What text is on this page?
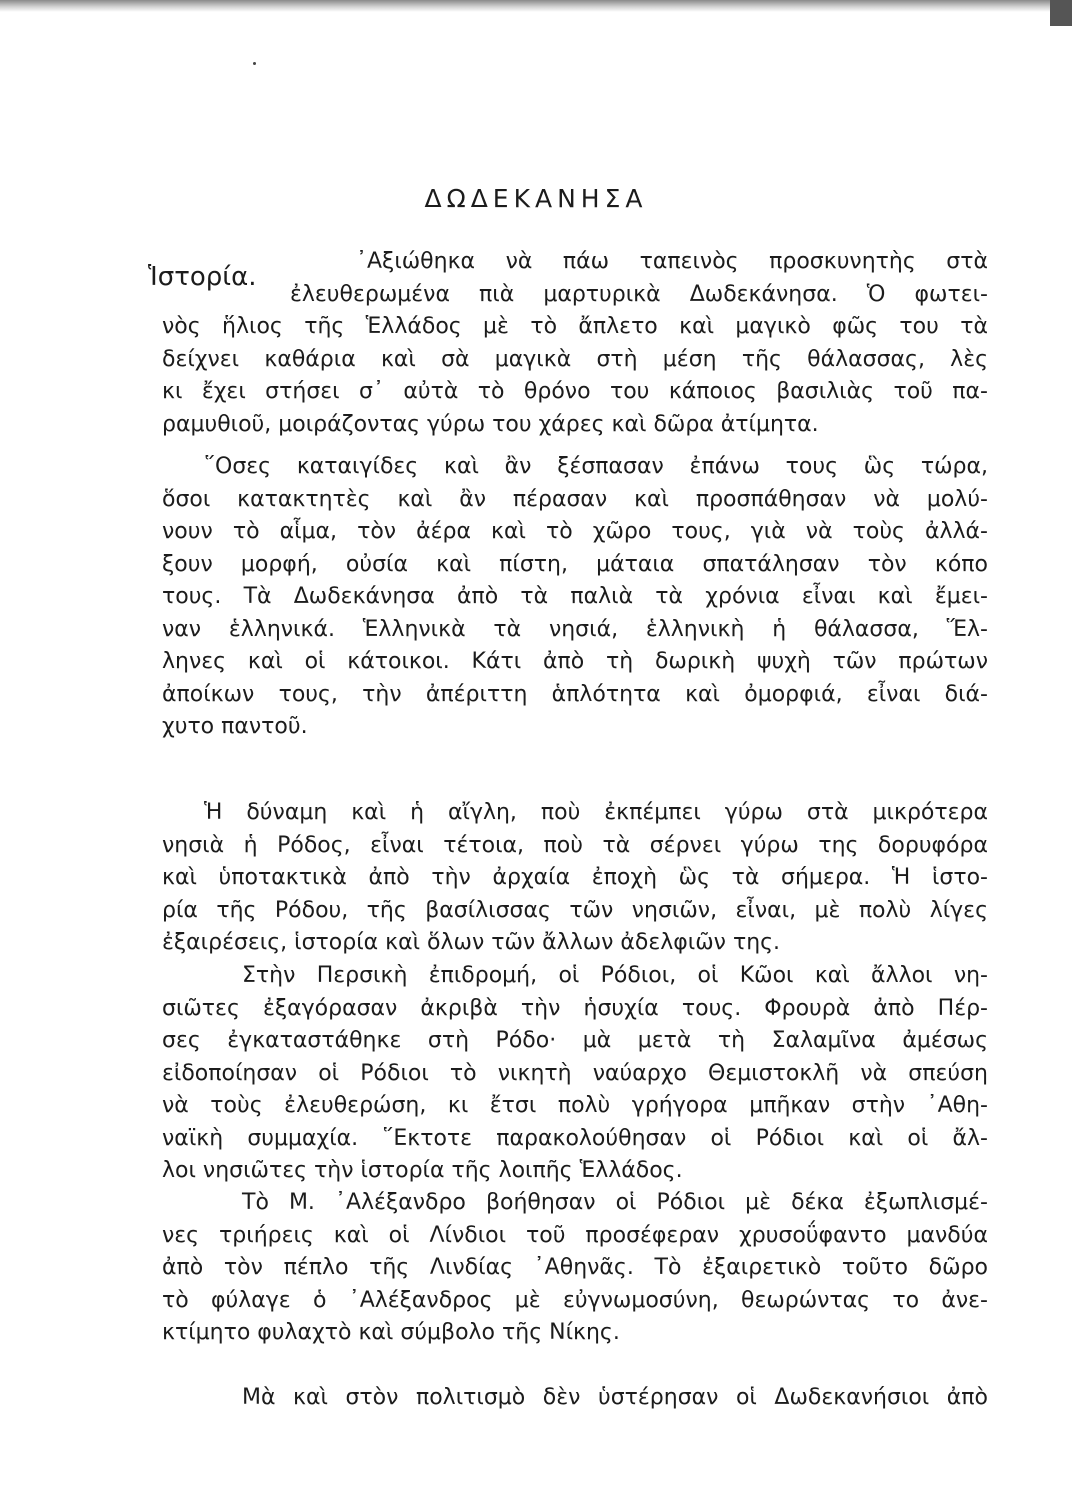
ΔΩΔΕΚΑΝΗΣΑ
Ἱστορία.
᾿Αξιώθηκα νὰ πάω ταπεινὸς προσκυνητὴς στὰ
ἐλευθερωμένα πιὰ μαρτυρικὰ Δωδεκάνησα. Ὁ φωτει-
νὸς ἥλιος τῆς Ἑλλάδος μὲ τὸ ἄπλετο καὶ μαγικὸ φῶς του τὰ
δείχνει καθάρια καὶ σὰ μαγικὰ στὴ μέση τῆς θάλασσας, λὲς
κι ἔχει στήσει σ᾿ αὐτὰ τὸ θρόνο του κάποιος βασιλιὰς τοῦ πα-
ραμυθιοῦ, μοιράζοντας γύρω του χάρες καὶ δῶρα ἀτίμητα.
῞Οσες καταιγίδες καὶ ἂν ξέσπασαν ἐπάνω τους ὣς τώρα,
ὅσοι κατακτητὲς καὶ ἂν πέρασαν καὶ προσπάθησαν νὰ μολύ-
νουν τὸ αἷμα, τὸν ἀέρα καὶ τὸ χῶρο τους, γιὰ νὰ τοὺς ἀλλά-
ξουν μορφή, οὐσία καὶ πίστη, μάταια σπατάλησαν τὸν κόπο
τους. Τὰ Δωδεκάνησα ἀπὸ τὰ παλιὰ τὰ χρόνια εἶναι καὶ ἔμει-
ναν ἑλληνικά. Ἑλληνικὰ τὰ νησιά, ἑλληνικὴ ἡ θάλασσα, Ἕλ-
ληνες καὶ οἱ κάτοικοι. Κάτι ἀπὸ τὴ δωρικὴ ψυχὴ τῶν πρώτων
ἀποίκων τους, τὴν ἀπέριττη ἁπλότητα καὶ ὀμορφιά, εἶναι διά-
χυτο παντοῦ.
Ἡ δύναμη καὶ ἡ αἴγλη, ποὺ ἐκπέμπει γύρω στὰ μικρότερα
νησιὰ ἡ Ρόδος, εἶναι τέτοια, ποὺ τὰ σέρνει γύρω της δορυφόρα
καὶ ὑποτακτικὰ ἀπὸ τὴν ἀρχαία ἐποχὴ ὣς τὰ σήμερα. Ἡ ἱστο-
ρία τῆς Ρόδου, τῆς βασίλισσας τῶν νησιῶν, εἶναι, μὲ πολὺ λίγες
ἐξαιρέσεις, ἱστορία καὶ ὅλων τῶν ἄλλων ἀδελφιῶν της.
Στὴν Περσικὴ ἐπιδρομή, οἱ Ρόδιοι, οἱ Κῶοι καὶ ἄλλοι νη-
σιῶτες ἐξαγόρασαν ἀκριβὰ τὴν ἡσυχία τους. Φρουρὰ ἀπὸ Πέρ-
σες ἐγκαταστάθηκε στὴ Ρόδο· μὰ μετὰ τὴ Σαλαμῖνα ἀμέσως
εἰδοποίησαν οἱ Ρόδιοι τὸ νικητὴ ναύαρχο Θεμιστοκλῆ νὰ σπεύση
νὰ τοὺς ἐλευθερώση, κι ἔτσι πολὺ γρήγορα μπῆκαν στὴν ᾿Αθη-
ναϊκὴ συμμαχία. ῞Εκτοτε παρακολούθησαν οἱ Ρόδιοι καὶ οἱ ἄλ-
λοι νησιῶτες τὴν ἱστορία τῆς λοιπῆς Ἑλλάδος.
Τὸ Μ. ᾿Αλέξανδρο βοήθησαν οἱ Ρόδιοι μὲ δέκα ἐξωπλισμέ-
νες τριήρεις καὶ οἱ Λίνδιοι τοῦ προσέφεραν χρυσοΰφαντο μανδύα
ἀπὸ τὸν πέπλο τῆς Λινδίας ᾿Αθηνᾶς. Τὸ ἐξαιρετικὸ τοῦτο δῶρο
τὸ φύλαγε ὁ ᾿Αλέξανδρος μὲ εὐγνωμοσύνη, θεωρώντας το ἀνε-
κτίμητο φυλαχτὸ καὶ σύμβολο τῆς Νίκης.
Μὰ καὶ στὸν πολιτισμὸ δὲν ὑστέρησαν οἱ Δωδεκανήσιοι ἀπὸ
